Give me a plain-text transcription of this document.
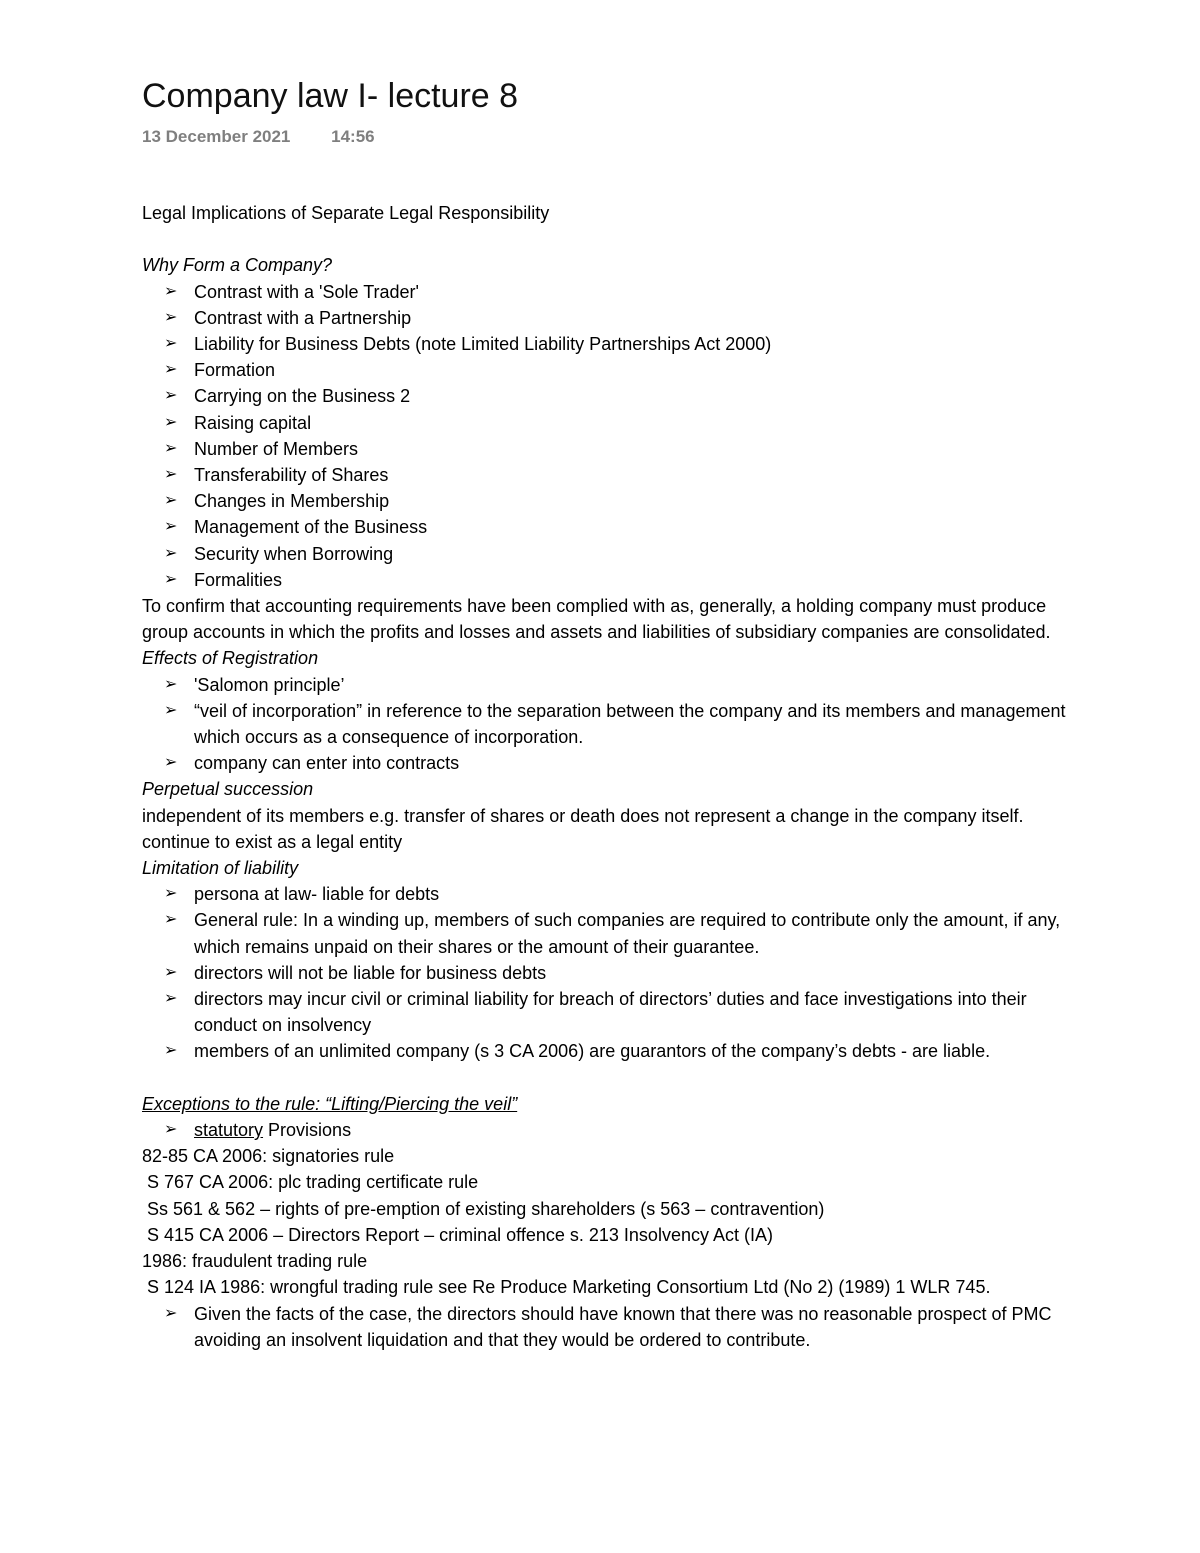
Company law I- lecture 8
13 December 2021 14:56

Legal Implications of Separate Legal Responsibility

Why Form a Company?

➢ Contrast with a 'Sole Trader'
➢ Contrast with a Partnership
➢ Liability for Business Debts (note Limited Liability Partnerships Act 2000)
➢ Formation
➢ Carrying on the Business 2
➢ Raising capital
➢ Number of Members
➢ Transferability of Shares
➢ Changes in Membership
➢ Management of the Business
➢ Security when Borrowing
➢ Formalities

To confirm that accounting requirements have been complied with as, generally, a holding company must produce group accounts in which the profits and losses and assets and liabilities of subsidiary companies are consolidated.

Effects of Registration

➢ 'Salomon principle’
➢ “veil of incorporation” in reference to the separation between the company and its members and management which occurs as a consequence of incorporation.
➢ company can enter into contracts

Perpetual succession

independent of its members e.g. transfer of shares or death does not represent a change in the company itself.

continue to exist as a legal entity

Limitation of liability

➢ persona at law- liable for debts
➢ General rule: In a winding up, members of such companies are required to contribute only the amount, if any, which remains unpaid on their shares or the amount of their guarantee.
➢ directors will not be liable for business debts
➢ directors may incur civil or criminal liability for breach of directors’ duties and face investigations into their conduct on insolvency
➢ members of an unlimited company (s 3 CA 2006) are guarantors of the company’s debts - are liable.

Exceptions to the rule: “Lifting/Piercing the veil”

➢ statutory Provisions

82-85 CA 2006: signatories rule

S 767 CA 2006: plc trading certificate rule

Ss 561 & 562 – rights of pre-emption of existing shareholders (s 563 – contravention)

S 415 CA 2006 – Directors Report – criminal offence s. 213 Insolvency Act (IA)

1986: fraudulent trading rule

S 124 IA 1986: wrongful trading rule see Re Produce Marketing Consortium Ltd (No 2) (1989) 1 WLR 745.

➢ Given the facts of the case, the directors should have known that there was no reasonable prospect of PMC avoiding an insolvent liquidation and that they would be ordered to contribute.
